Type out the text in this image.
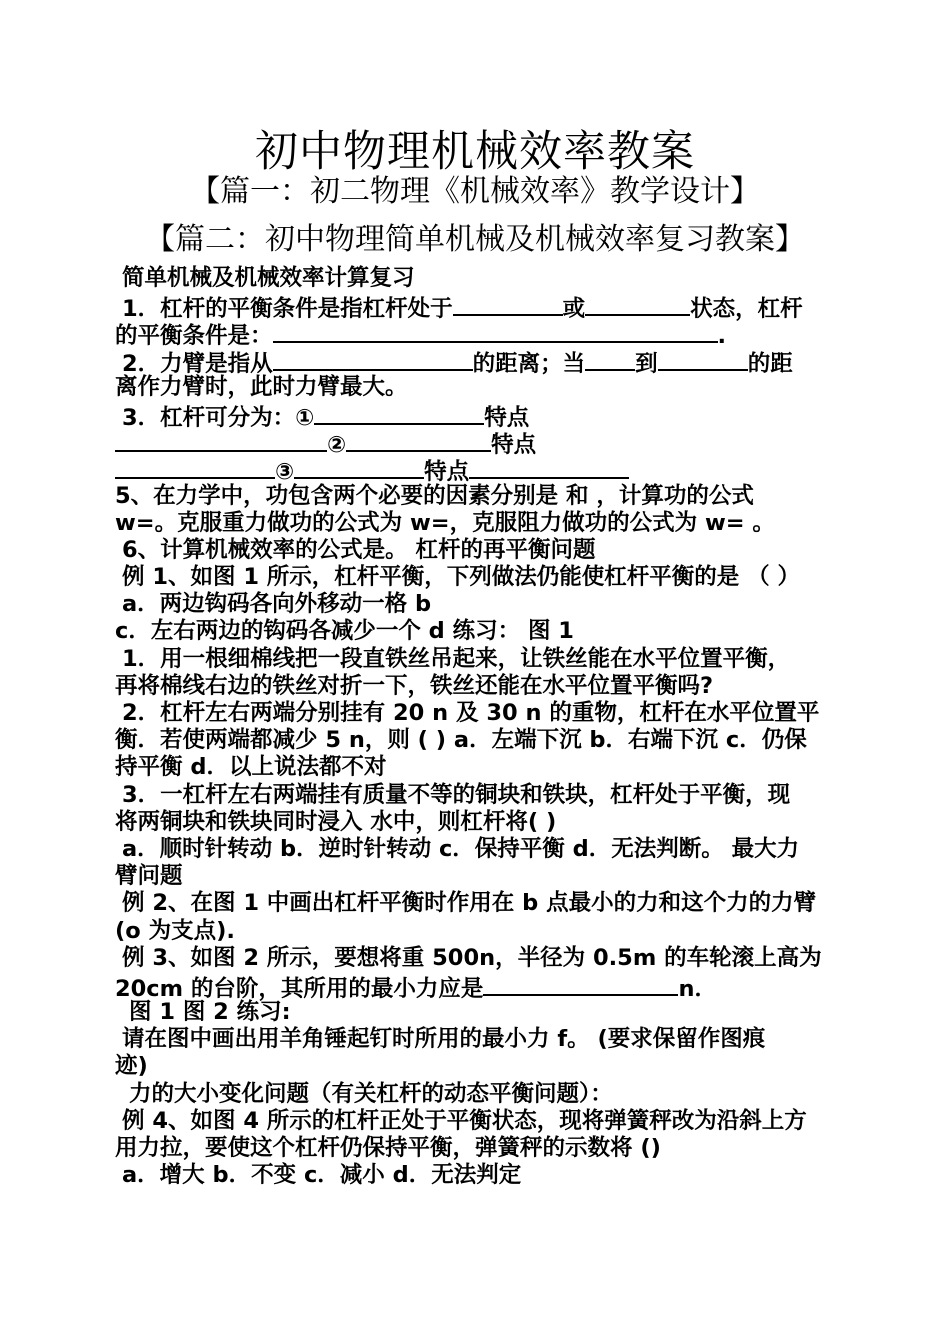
初中物理机械效率教案
【篇一：初二物理《机械效率》教学设计】
【篇二：初中物理简单机械及机械效率复习教案】
简单机械及机械效率计算复习
1．杠杆的平衡条件是指杠杆处于	或	状态，杠杆
的平衡条件是：	.
2．力臂是指从	的距离；当 到	的距
离作力臂时，此时力臂最大。
3．杠杆可分为：①	特点
②	特点
③	特点
5、在力学中，功包含两个必要的因素分别是 和 ，计算功的公式
w=。克服重力做功的公式为 w=，克服阻力做功的公式为 w= 。
6、计算机械效率的公式是。 杠杆的再平衡问题
例 1、如图 1 所示，杠杆平衡，下列做法仍能使杠杆平衡的是 （ ）
a．两边钩码各向外移动一格 b
c．左右两边的钩码各减少一个 d 练习： 图 1
1．用一根细棉线把一段直铁丝吊起来，让铁丝能在水平位置平衡，
再将棉线右边的铁丝对折一下，铁丝还能在水平位置平衡吗?
2．杠杆左右两端分别挂有 20 n 及 30 n 的重物，杠杆在水平位置平
衡．若使两端都减少 5 n，则 ( ) a．左端下沉 b．右端下沉 c．仍保
持平衡 d．以上说法都不对
3．一杠杆左右两端挂有质量不等的铜块和铁块，杠杆处于平衡，现
将两铜块和铁块同时浸入 水中，则杠杆将( )
a．顺时针转动 b．逆时针转动 c．保持平衡 d．无法判断。 最大力
臂问题
例 2、在图 1 中画出杠杆平衡时作用在 b 点最小的力和这个力的力臂
(o 为支点).
例 3、如图 2 所示，要想将重 500n，半径为 0.5m 的车轮滚上高为
20cm 的台阶，其所用的最小力应是	n．
图 1 图 2 练习:
请在图中画出用羊角锤起钉时所用的最小力 f。 (要求保留作图痕
迹)
力的大小变化问题（有关杠杆的动态平衡问题）：
例 4、如图 4 所示的杠杆正处于平衡状态，现将弹簧秤改为沿斜上方
用力拉，要使这个杠杆仍保持平衡，弹簧秤的示数将 ()
a．增大 b．不变 c．减小 d．无法判定
